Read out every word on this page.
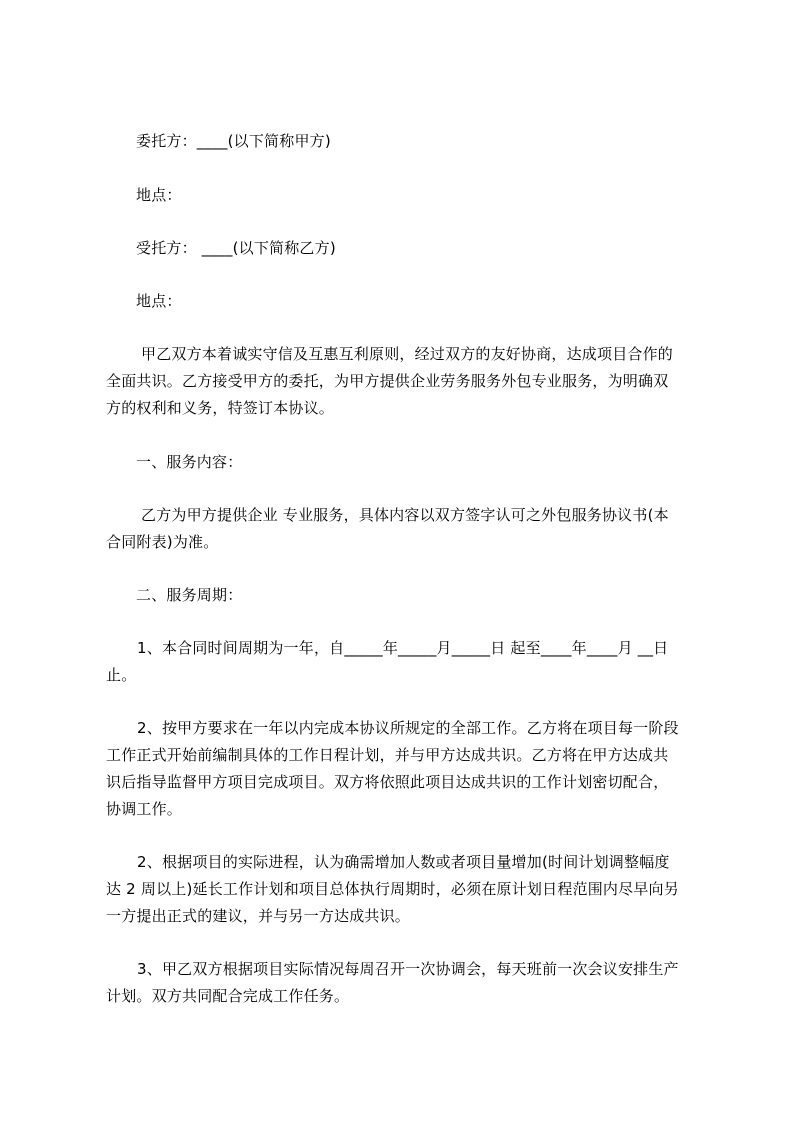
委托方：____(以下简称甲方)
地点：
受托方： ____(以下简称乙方)
地点：
甲乙双方本着诚实守信及互惠互利原则，经过双方的友好协商，达成项目合作的
全面共识。乙方接受甲方的委托，为甲方提供企业劳务服务外包专业服务，为明确双
方的权利和义务，特签订本协议。
一、服务内容：
乙方为甲方提供企业 专业服务，具体内容以双方签字认可之外包服务协议书(本
合同附表)为准。
二、服务周期：
1、本合同时间周期为一年，自_____年_____月_____日 起至____年____月 __日
止。
2、按甲方要求在一年以内完成本协议所规定的全部工作。乙方将在项目每一阶段
工作正式开始前编制具体的工作日程计划，并与甲方达成共识。乙方将在甲方达成共
识后指导监督甲方项目完成项目。双方将依照此项目达成共识的工作计划密切配合，
协调工作。
2、根据项目的实际进程，认为确需增加人数或者项目量增加(时间计划调整幅度
达 2 周以上)延长工作计划和项目总体执行周期时，必须在原计划日程范围内尽早向另
一方提出正式的建议，并与另一方达成共识。
3、甲乙双方根据项目实际情况每周召开一次协调会，每天班前一次会议安排生产
计划。双方共同配合完成工作任务。
